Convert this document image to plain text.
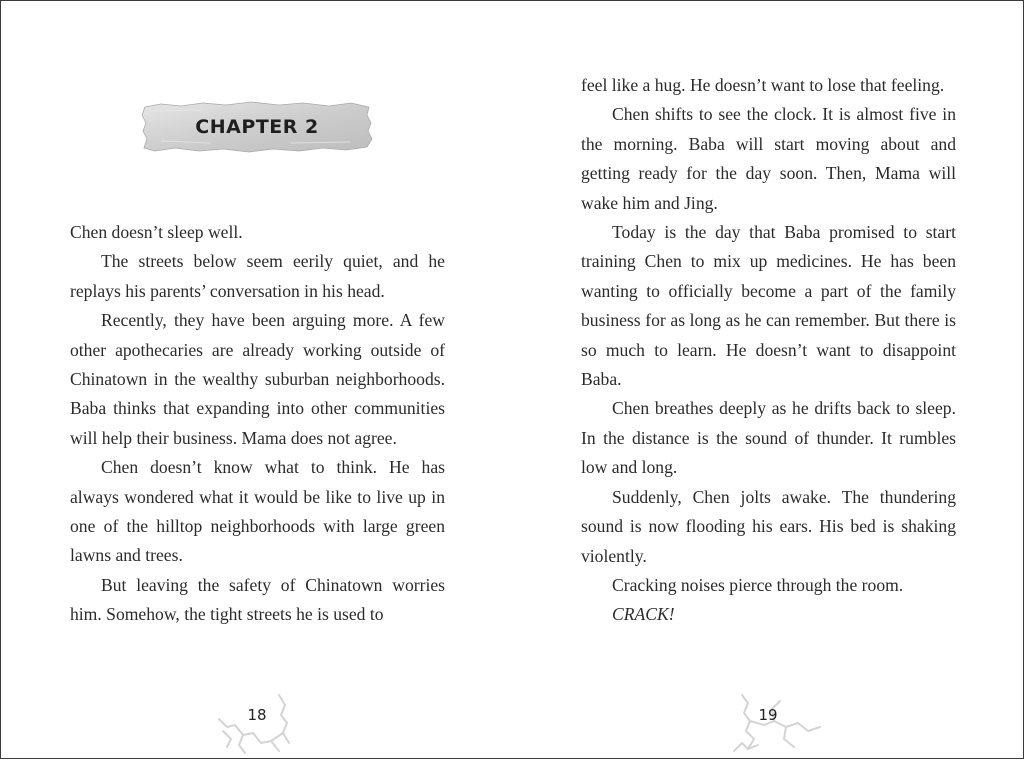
CHAPTER 2

Chen doesn’t sleep well.

The streets below seem eerily quiet, and he replays his parents’ conversation in his head.

Recently, they have been arguing more. A few other apothecaries are already working outside of Chinatown in the wealthy suburban neighborhoods. Baba thinks that expanding into other communities will help their business. Mama does not agree.

Chen doesn’t know what to think. He has always wondered what it would be like to live up in one of the hilltop neighborhoods with large green lawns and trees.

But leaving the safety of Chinatown worries him. Somehow, the tight streets he is used to

18

feel like a hug. He doesn’t want to lose that feeling.

Chen shifts to see the clock. It is almost five in the morning. Baba will start moving about and getting ready for the day soon. Then, Mama will wake him and Jing.

Today is the day that Baba promised to start training Chen to mix up medicines. He has been wanting to officially become a part of the family business for as long as he can remember. But there is so much to learn. He doesn’t want to disappoint Baba.

Chen breathes deeply as he drifts back to sleep. In the distance is the sound of thunder. It rumbles low and long.

Suddenly, Chen jolts awake. The thundering sound is now flooding his ears. His bed is shaking violently.

Cracking noises pierce through the room.

CRACK!

19
